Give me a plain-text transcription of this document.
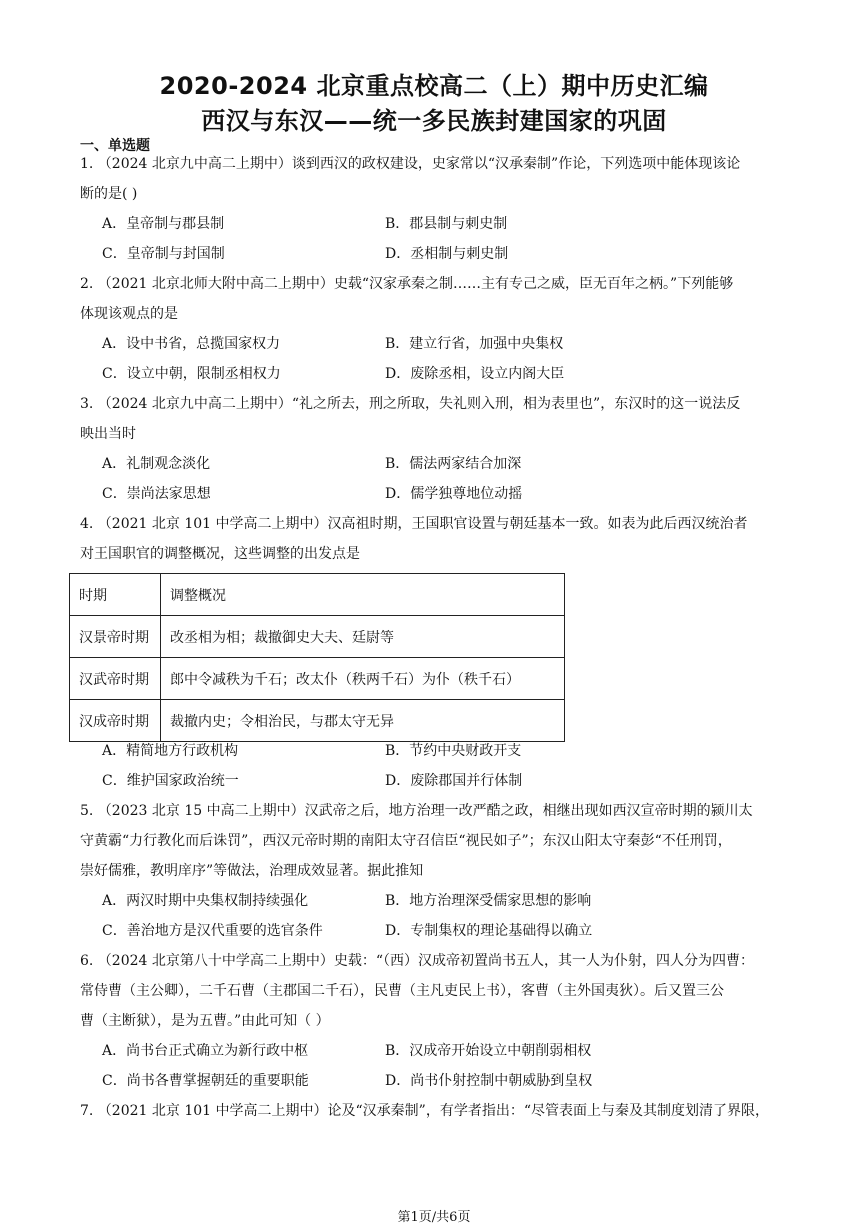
2020-2024 北京重点校高二（上）期中历史汇编
西汉与东汉——统一多民族封建国家的巩固
一、单选题
1. （2024 北京九中高二上期中）谈到西汉的政权建设，史家常以“汉承秦制”作论，下列选项中能体现该论
断的是( )
A．皇帝制与郡县制	B．郡县制与刺史制
C．皇帝制与封国制	D．丞相制与刺史制
2. （2021 北京北师大附中高二上期中）史载“汉家承秦之制……主有专己之威，臣无百年之柄。”下列能够
体现该观点的是
A．设中书省，总揽国家权力	B．建立行省，加强中央集权
C．设立中朝，限制丞相权力	D．废除丞相，设立内阁大臣
3. （2024 北京九中高二上期中）“礼之所去，刑之所取，失礼则入刑，相为表里也”，东汉时的这一说法反
映出当时
A．礼制观念淡化	B．儒法两家结合加深
C．崇尚法家思想	D．儒学独尊地位动摇
4. （2021 北京 101 中学高二上期中）汉高祖时期，王国职官设置与朝廷基本一致。如表为此后西汉统治者
对王国职官的调整概况，这些调整的出发点是
时期	调整概况
汉景帝时期	改丞相为相；裁撤御史大夫、廷尉等
汉武帝时期	郎中令减秩为千石；改太仆（秩两千石）为仆（秩千石）
汉成帝时期	裁撤内史；令相治民，与郡太守无异
A．精简地方行政机构	B．节约中央财政开支
C．维护国家政治统一	D．废除郡国并行体制
5. （2023 北京 15 中高二上期中）汉武帝之后，地方治理一改严酷之政，相继出现如西汉宣帝时期的颍川太
守黄霸“力行教化而后诛罚”，西汉元帝时期的南阳太守召信臣“视民如子”；东汉山阳太守秦彭“不任刑罚，
崇好儒雅，教明庠序”等做法，治理成效显著。据此推知
A．两汉时期中央集权制持续强化	B．地方治理深受儒家思想的影响
C．善治地方是汉代重要的选官条件	D．专制集权的理论基础得以确立
6. （2024 北京第八十中学高二上期中）史载：“（西）汉成帝初置尚书五人，其一人为仆射，四人分为四曹：
常侍曹（主公卿），二千石曹（主郡国二千石），民曹（主凡吏民上书），客曹（主外国夷狄）。后又置三公
曹（主断狱），是为五曹。”由此可知（ ）
A．尚书台正式确立为新行政中枢	B．汉成帝开始设立中朝削弱相权
C．尚书各曹掌握朝廷的重要职能	D．尚书仆射控制中朝威胁到皇权
7. （2021 北京 101 中学高二上期中）论及“汉承秦制”，有学者指出：“尽管表面上与秦及其制度划清了界限，
第1页/共6页
